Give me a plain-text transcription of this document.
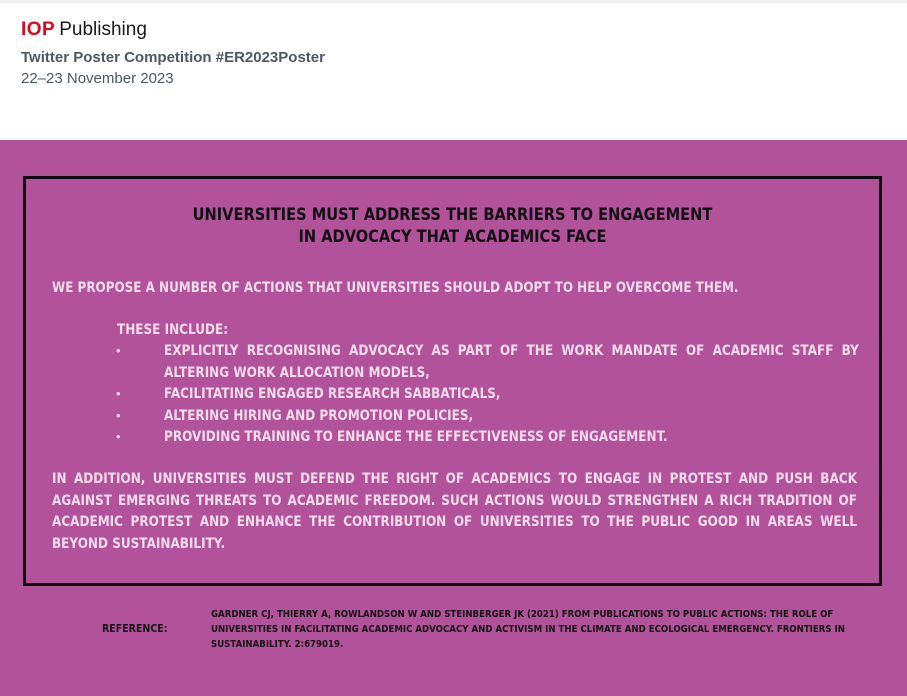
IOP Publishing
Twitter Poster Competition #ER2023Poster
22–23 November 2023
UNIVERSITIES MUST ADDRESS THE BARRIERS TO ENGAGEMENT
IN ADVOCACY THAT ACADEMICS FACE
WE PROPOSE A NUMBER OF ACTIONS THAT UNIVERSITIES SHOULD ADOPT TO HELP OVERCOME THEM.
THESE INCLUDE:
•	EXPLICITLY RECOGNISING ADVOCACY AS PART OF THE WORK MANDATE OF ACADEMIC STAFF BY ALTERING WORK ALLOCATION MODELS,
•	FACILITATING ENGAGED RESEARCH SABBATICALS,
•	ALTERING HIRING AND PROMOTION POLICIES,
•	PROVIDING TRAINING TO ENHANCE THE EFFECTIVENESS OF ENGAGEMENT.
IN ADDITION, UNIVERSITIES MUST DEFEND THE RIGHT OF ACADEMICS TO ENGAGE IN PROTEST AND PUSH BACK AGAINST EMERGING THREATS TO ACADEMIC FREEDOM. SUCH ACTIONS WOULD STRENGTHEN A RICH TRADITION OF ACADEMIC PROTEST AND ENHANCE THE CONTRIBUTION OF UNIVERSITIES TO THE PUBLIC GOOD IN AREAS WELL BEYOND SUSTAINABILITY.
REFERENCE:
GARDNER CJ, THIERRY A, ROWLANDSON W AND STEINBERGER JK (2021) FROM PUBLICATIONS TO PUBLIC ACTIONS: THE ROLE OF UNIVERSITIES IN FACILITATING ACADEMIC ADVOCACY AND ACTIVISM IN THE CLIMATE AND ECOLOGICAL EMERGENCY. FRONTIERS IN SUSTAINABILITY. 2:679019.
